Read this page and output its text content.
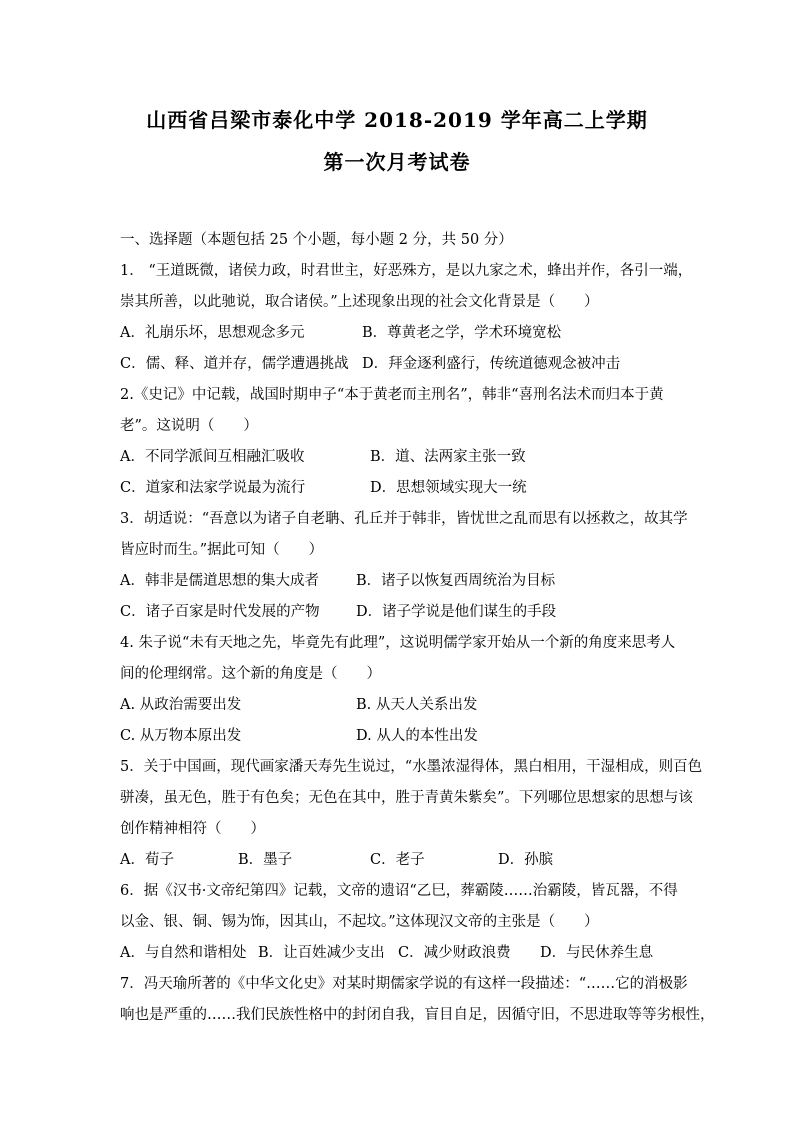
山西省吕梁市泰化中学 2018-2019 学年高二上学期
第一次月考试卷
一、选择题（本题包括 25 个小题，每小题 2 分，共 50 分）
1． “王道既微，诸侯力政，时君世主，好恶殊方，是以九家之术，蜂出并作，各引一端，
崇其所善，以此驰说，取合诸侯。”上述现象出现的社会文化背景是（　　）
A．礼崩乐坏，思想观念多元	B．尊黄老之学，学术环境宽松
C．儒、释、道并存，儒学遭遇挑战 D．拜金逐利盛行，传统道德观念被冲击
2.《史记》中记载，战国时期申子“本于黄老而主刑名”，韩非“喜刑名法术而归本于黄
老”。这说明（　　）
A．不同学派间互相融汇吸收	B．道、法两家主张一致
C．道家和法家学说最为流行	D．思想领域实现大一统
3．胡适说：“吾意以为诸子自老聃、孔丘并于韩非，皆忧世之乱而思有以拯救之，故其学
皆应时而生。”据此可知（　　）
A．韩非是儒道思想的集大成者	B．诸子以恢复西周统治为目标
C．诸子百家是时代发展的产物	D．诸子学说是他们谋生的手段
4. 朱子说“未有天地之先，毕竟先有此理”，这说明儒学家开始从一个新的角度来思考人
间的伦理纲常。这个新的角度是（　　）
A. 从政治需要出发	B. 从天人关系出发
C. 从万物本原出发	D. 从人的本性出发
5．关于中国画，现代画家潘天寿先生说过，“水墨浓湿得体，黑白相用，干湿相成，则百色
骈凑，虽无色，胜于有色矣；无色在其中，胜于青黄朱紫矣”。下列哪位思想家的思想与该
创作精神相符（　　）
A．荀子	B．墨子	C．老子	D．孙膑
6．据《汉书·文帝纪第四》记载，文帝的遗诏“乙巳，葬霸陵……治霸陵，皆瓦器，不得
以金、银、铜、锡为饰，因其山，不起坟。”这体现汉文帝的主张是（　　）
A．与自然和谐相处 B．让百姓减少支出 C．减少财政浪费 D．与民休养生息
7．冯天瑜所著的《中华文化史》对某时期儒家学说的有这样一段描述：“……它的消极影
响也是严重的……我们民族性格中的封闭自我，盲目自足，因循守旧，不思进取等等劣根性，
